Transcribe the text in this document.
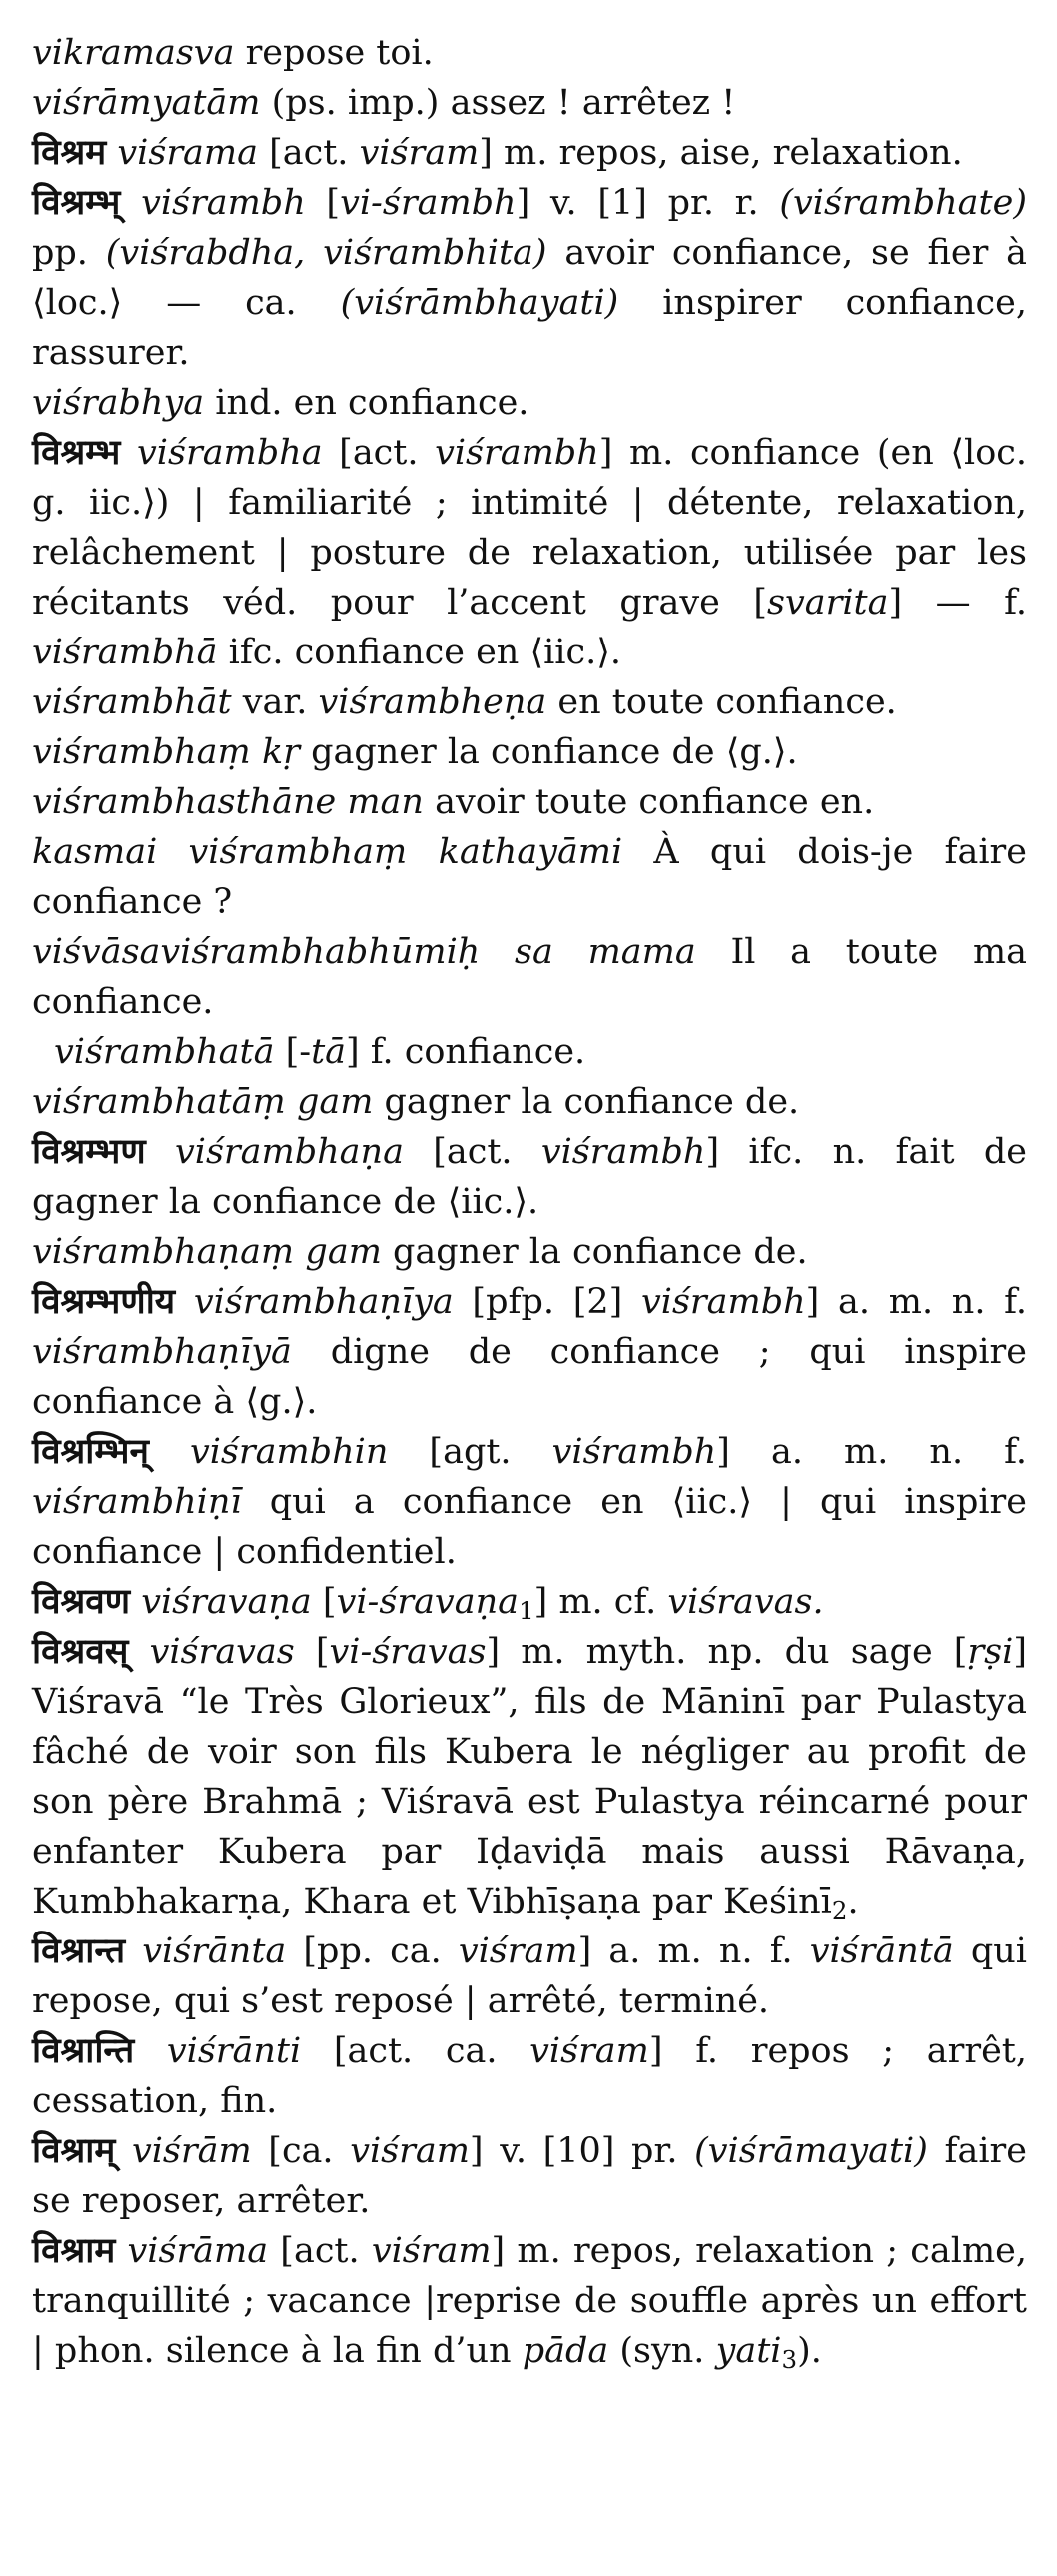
vikramasva repose toi.
viśrāmyatām (ps. imp.) assez ! arrêtez !
विश्रम viśrama [act. viśram] m. repos, aise, relaxation.
विश्रम्भ् viśrambh [vi-śrambh] v. [1] pr. r. (viśrambhate) pp. (viśrabdha, viśrambhita) avoir confiance, se fier à ⟨loc.⟩ — ca. (viśrāmbhayati) inspirer confiance, rassurer.
viśrabhya ind. en confiance.
विश्रम्भ viśrambha [act. viśrambh] m. confiance (en ⟨loc. g. iic.⟩) | familiarité ; intimité | détente, relaxation, relâchement | posture de relaxation, utilisée par les récitants véd. pour l’accent grave [svarita] — f. viśrambhā ifc. confiance en ⟨iic.⟩.
viśrambhāt var. viśrambheṇa en toute confiance.
viśrambhaṃ kṛ gagner la confiance de ⟨g.⟩.
viśrambhasthāne man avoir toute confiance en.
kasmai viśrambhaṃ kathayāmi À qui dois-je faire confiance ?
viśvāsaviśrambhabhūmiḥ sa mama Il a toute ma confiance.
viśrambhatā [-tā] f. confiance.
viśrambhatāṃ gam gagner la confiance de.
विश्रम्भण viśrambhaṇa [act. viśrambh] ifc. n. fait de gagner la confiance de ⟨iic.⟩.
viśrambhaṇaṃ gam gagner la confiance de.
विश्रम्भणीय viśrambhaṇīya [pfp. [2] viśrambh] a. m. n. f. viśrambhaṇīyā digne de confiance ; qui inspire confiance à ⟨g.⟩.
विश्रम्भिन् viśrambhin [agt. viśrambh] a. m. n. f. viśrambhiṇī qui a confiance en ⟨iic.⟩ | qui inspire confiance | confidentiel.
विश्रवण viśravaṇa [vi-śravaṇa$_1$] m. cf. viśravas.
विश्रवस् viśravas [vi-śravas] m. myth. np. du sage [ṛṣi] Viśravā “le Très Glorieux”, fils de Māninī par Pulastya fâché de voir son fils Kubera le négliger au profit de son père Brahmā ; Viśravā est Pulastya réincarné pour enfanter Kubera par Iḍaviḍā mais aussi Rāvaṇa, Kumbhakarṇa, Khara et Vibhīṣaṇa par Keśinī$_2$.
विश्रान्त viśrānta [pp. ca. viśram] a. m. n. f. viśrāntā qui repose, qui s’est reposé | arrêté, terminé.
विश्रान्ति viśrānti [act. ca. viśram] f. repos ; arrêt, cessation, fin.
विश्राम् viśrām [ca. viśram] v. [10] pr. (viśrāmayati) faire se reposer, arrêter.
विश्राम viśrāma [act. viśram] m. repos, relaxation ; calme, tranquillité ; vacance |reprise de souffle après un effort | phon. silence à la fin d’un pāda (syn. yati$_3$).
